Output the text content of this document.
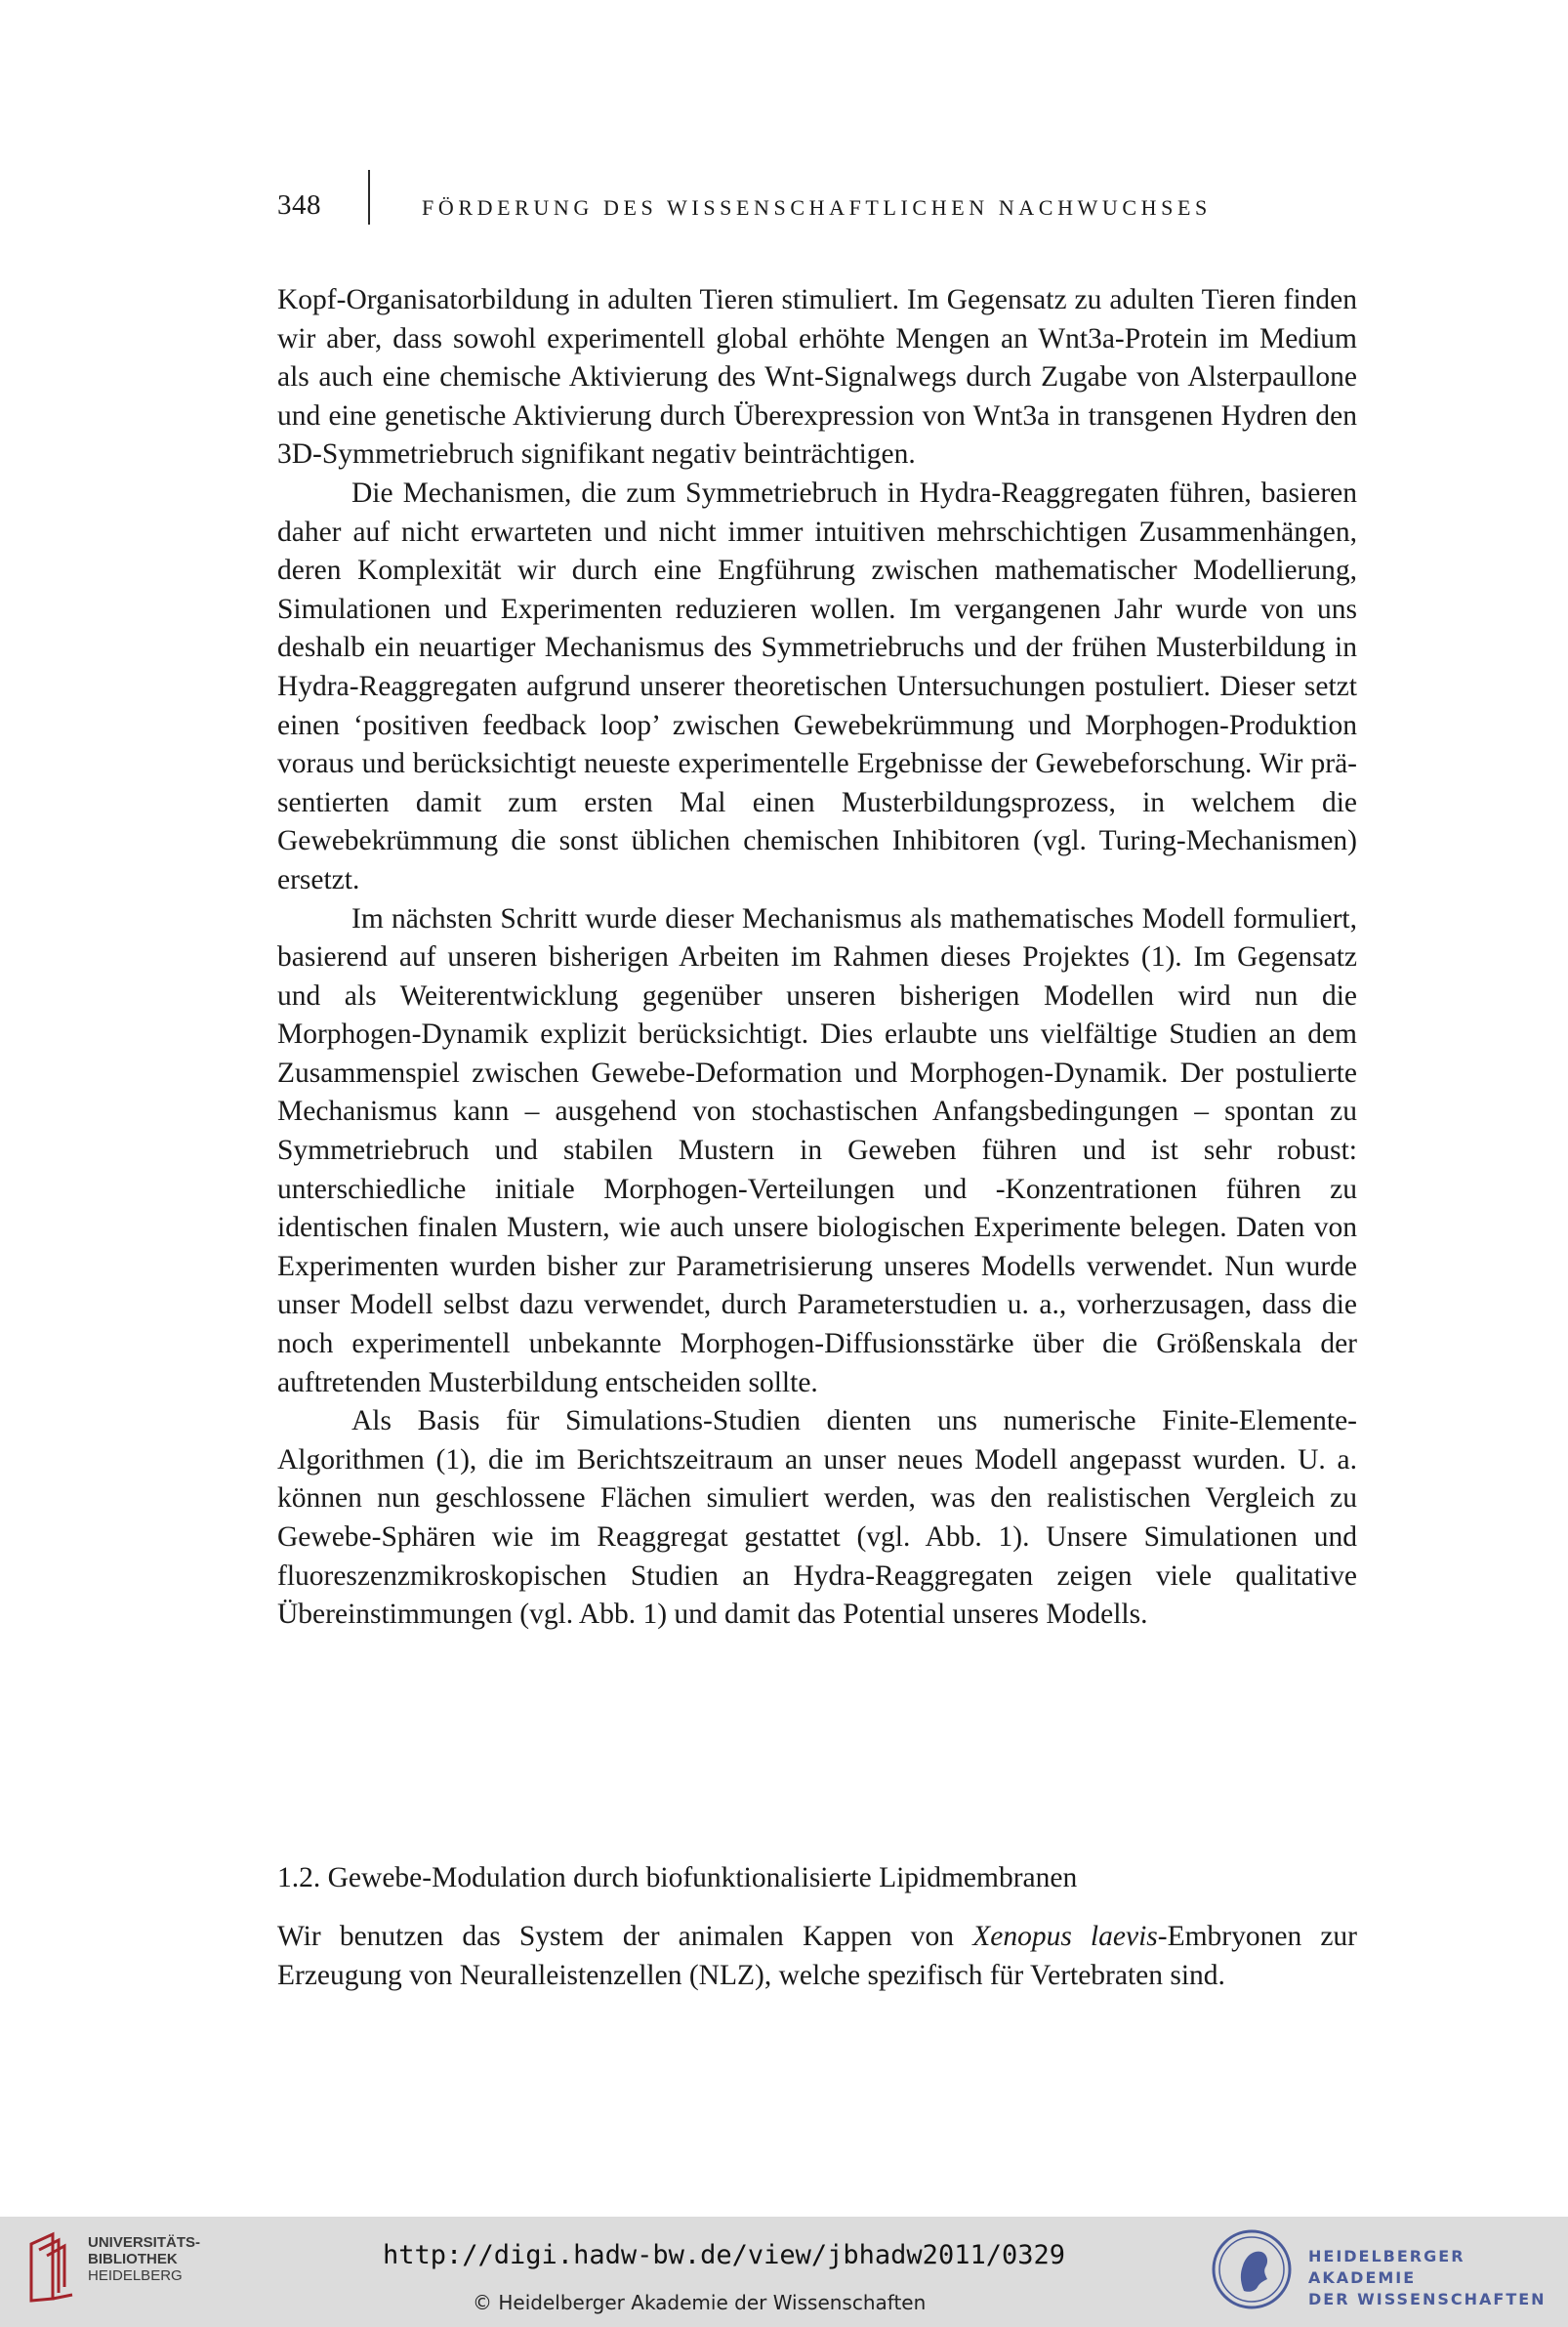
348	FÖRDERUNG DES WISSENSCHAFTLICHEN NACHWUCHSES

Kopf-Organisatorbildung in adulten Tieren stimuliert. Im Gegensatz zu adulten Tieren finden wir aber, dass sowohl experimentell global erhöhte Mengen an Wnt3a-Protein im Medium als auch eine chemische Aktivierung des Wnt-Signalwegs durch Zugabe von Alsterpaullone und eine genetische Aktivierung durch Überexpression von Wnt3a in transgenen Hydren den 3D-Symmetriebruch signifikant negativ beinträchtigen.

Die Mechanismen, die zum Symmetriebruch in Hydra-Reaggregaten führen, basieren daher auf nicht erwarteten und nicht immer intuitiven mehrschichtigen Zusammenhängen, deren Komplexität wir durch eine Engführung zwischen mathematischer Modellierung, Simulationen und Experimenten reduzieren wollen. Im vergangenen Jahr wurde von uns deshalb ein neuartiger Mechanismus des Symmetriebruchs und der frühen Musterbildung in Hydra-Reaggregaten aufgrund unserer theoretischen Untersuchungen postuliert. Dieser setzt einen ‘positiven feedback loop’ zwischen Gewebekrümmung und Morphogen-Produktion voraus und berücksichtigt neueste experimentelle Ergebnisse der Gewebeforschung. Wir präsentierten damit zum ersten Mal einen Musterbildungsprozess, in welchem die Gewebekrümmung die sonst üblichen chemischen Inhibitoren (vgl. Turing-Mechanismen) ersetzt.

Im nächsten Schritt wurde dieser Mechanismus als mathematisches Modell formuliert, basierend auf unseren bisherigen Arbeiten im Rahmen dieses Projektes (1). Im Gegensatz und als Weiterentwicklung gegenüber unseren bisherigen Modellen wird nun die Morphogen-Dynamik explizit berücksichtigt. Dies erlaubte uns vielfältige Studien an dem Zusammenspiel zwischen Gewebe-Deformation und Morphogen-Dynamik. Der postulierte Mechanismus kann – ausgehend von stochastischen Anfangsbedingungen – spontan zu Symmetriebruch und stabilen Mustern in Geweben führen und ist sehr robust: unterschiedliche initiale Morphogen-Verteilungen und -Konzentrationen führen zu identischen finalen Mustern, wie auch unsere biologischen Experimente belegen. Daten von Experimenten wurden bisher zur Parametrisierung unseres Modells verwendet. Nun wurde unser Modell selbst dazu verwendet, durch Parameterstudien u. a., vorherzusagen, dass die noch experimentell unbekannte Morphogen-Diffusionsstärke über die Größenskala der auftretenden Musterbildung entscheiden sollte.

Als Basis für Simulations-Studien dienten uns numerische Finite-Elemente-Algorithmen (1), die im Berichtszeitraum an unser neues Modell angepasst wurden. U. a. können nun geschlossene Flächen simuliert werden, was den realistischen Vergleich zu Gewebe-Sphären wie im Reaggregat gestattet (vgl. Abb. 1). Unsere Simulationen und fluoreszenzmikroskopischen Studien an Hydra-Reaggregaten zeigen viele qualitative Übereinstimmungen (vgl. Abb. 1) und damit das Potential unseres Modells.

1.2. Gewebe-Modulation durch biofunktionalisierte Lipidmembranen

Wir benutzen das System der animalen Kappen von Xenopus laevis-Embryonen zur Erzeugung von Neuralleistenzellen (NLZ), welche spezifisch für Vertebraten sind.

UNIVERSITÄTS-
BIBLIOTHEK
HEIDELBERG
http://digi.hadw-bw.de/view/jbhadw2011/0329
© Heidelberger Akademie der Wissenschaften
HEIDELBERGER AKADEMIE
DER WISSENSCHAFTEN
